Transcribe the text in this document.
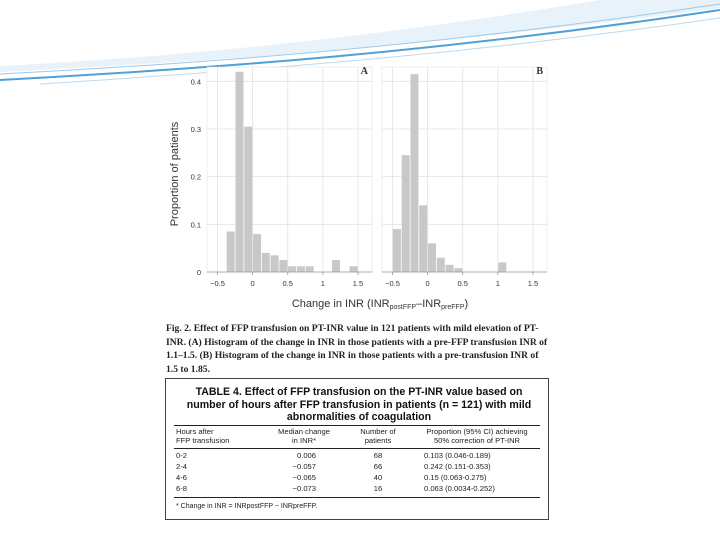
Proportion of patients
0
0.1
0.2
0.3
0.4
−0.5	0	0.5	1	1.5
A
−0.5	0	0.5	1	1.5
B
Change in INR (INRpostFFP–INRpreFFP)
Fig. 2. Effect of FFP transfusion on PT-INR value in 121 patients with mild elevation of PT-INR. (A) Histogram of the change in INR in those patients with a pre-FFP transfusion INR of 1.1–1.5. (B) Histogram of the change in INR in those patients with a pre-transfusion INR of 1.5 to 1.85.
TABLE 4. Effect of FFP transfusion on the PT-INR value based on number of hours after FFP transfusion in patients (n = 121) with mild abnormalities of coagulation
Hours after
FFP transfusion
Median change
in INR*
Number of
patients
Proportion (95% CI) achieving
50% correction of PT-INR
0-2	0.006	68	0.103 (0.046-0.189)
2-4	−0.057	66	0.242 (0.151-0.353)
4-6	−0.065	40	0.15 (0.063-0.275)
6-8	−0.073	16	0.063 (0.0034-0.252)
* Change in INR = INRpostFFP − INRpreFFP.
